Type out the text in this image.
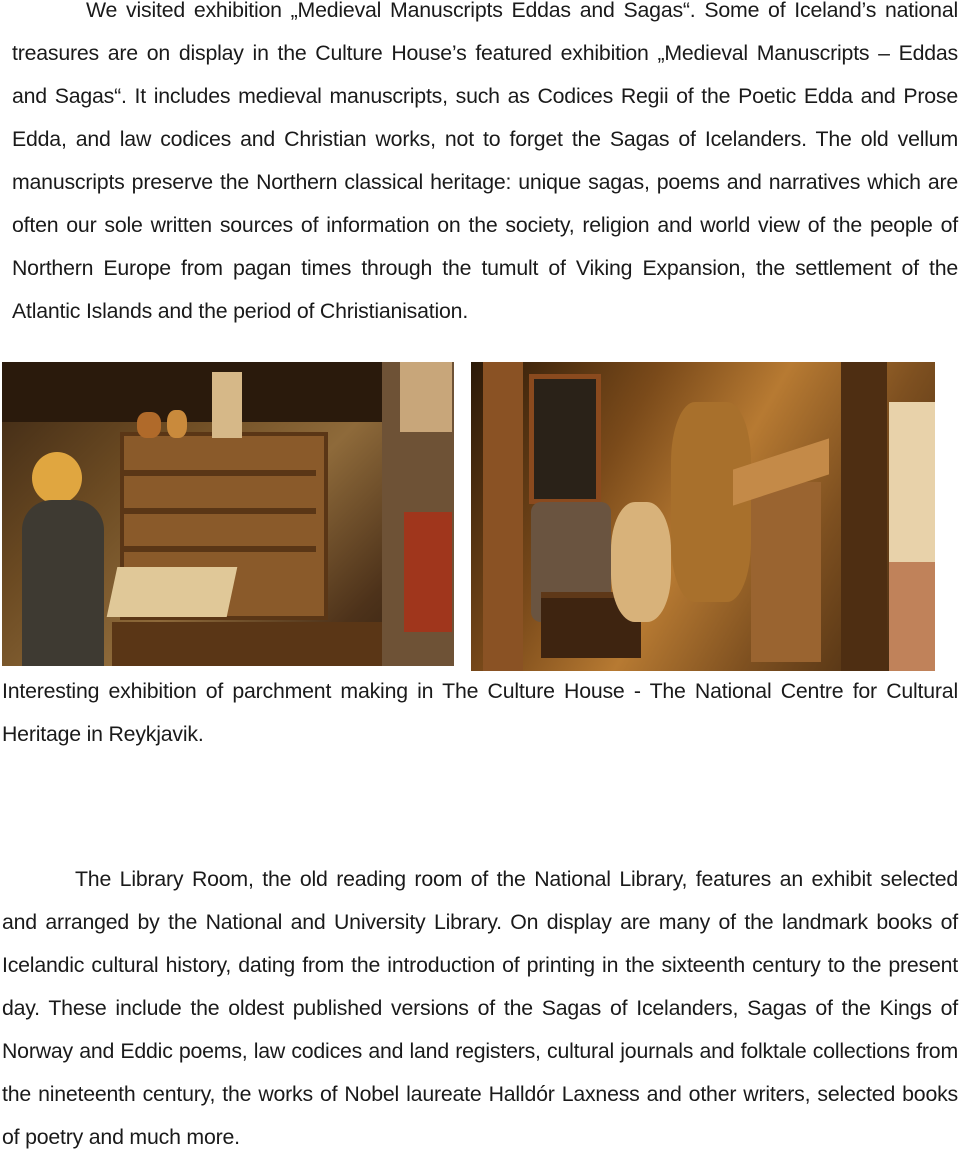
We visited exhibition „Medieval Manuscripts Eddas and Sagas“. Some of Iceland’s national treasures are on display in the Culture House’s featured exhibition „Medieval Manuscripts – Eddas and Sagas“. It includes medieval manuscripts, such as Codices Regii of the Poetic Edda and Prose Edda, and law codices and Christian works, not to forget the Sagas of Icelanders. The old vellum manuscripts preserve the Northern classical heritage: unique sagas, poems and narratives which are often our sole written sources of information on the society, religion and world view of the people of Northern Europe from pagan times through the tumult of Viking Expansion, the settlement of the Atlantic Islands and the period of Christianisation.

Interesting exhibition of parchment making in The Culture House - The National Centre for Cultural Heritage in Reykjavik.

The Library Room, the old reading room of the National Library, features an exhibit selected and arranged by the National and University Library. On display are many of the landmark books of Icelandic cultural history, dating from the introduction of printing in the sixteenth century to the present day. These include the oldest published versions of the Sagas of Icelanders, Sagas of the Kings of Norway and Eddic poems, law codices and land registers, cultural journals and folktale collections from the nineteenth century, the works of Nobel laureate Halldór Laxness and other writers, selected books of poetry and much more.
